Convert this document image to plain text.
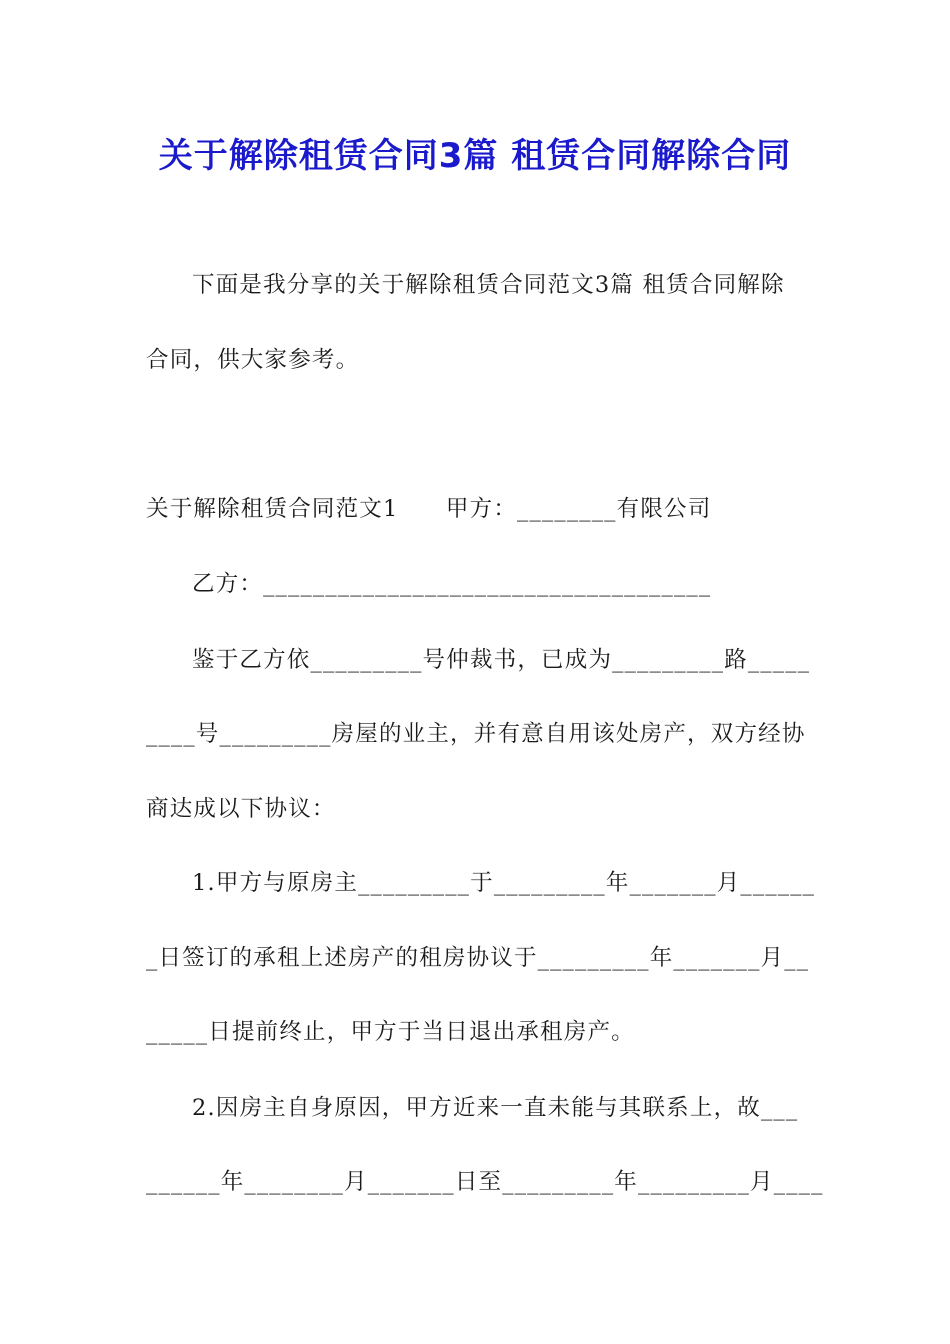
关于解除租赁合同3篇 租赁合同解除合同
下面是我分享的关于解除租赁合同范文3篇 租赁合同解除
合同，供大家参考。
关于解除租赁合同范文1　　甲方：________有限公司
乙方：____________________________________
鉴于乙方依_________号仲裁书，已成为_________路_____
____号_________房屋的业主，并有意自用该处房产，双方经协
商达成以下协议：
1.甲方与原房主_________于_________年_______月______
_日签订的承租上述房产的租房协议于_________年_______月__
_____日提前终止，甲方于当日退出承租房产。
2.因房主自身原因，甲方近来一直未能与其联系上，故___
______年________月_______日至_________年_________月____
